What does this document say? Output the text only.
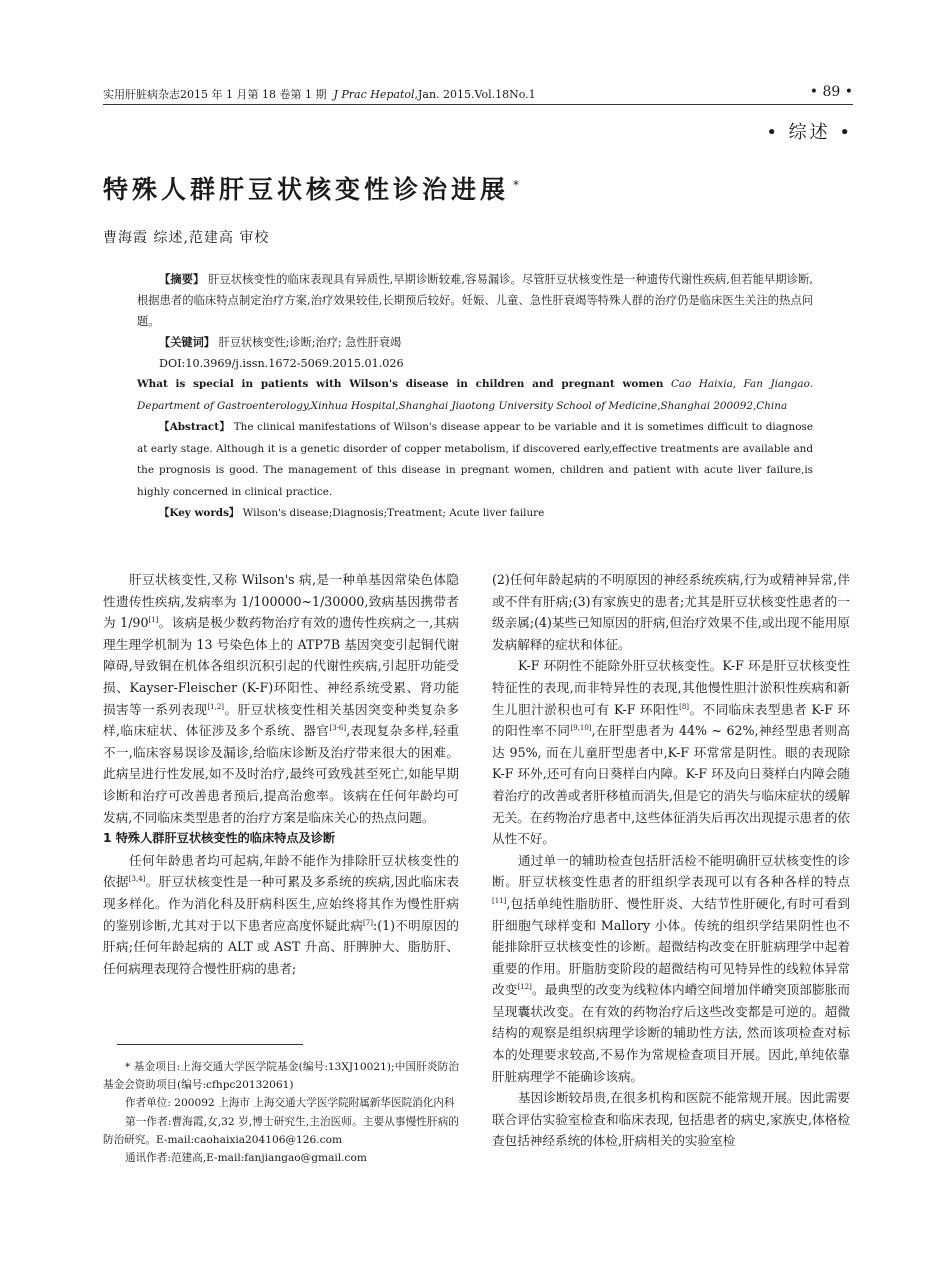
实用肝脏病杂志2015 年 1 月第 18 卷第 1 期 J Prac Hepatol,Jan. 2015.Vol.18No.1	• 89 •
• 综述 •
特殊人群肝豆状核变性诊治进展 *
曹海霞 综述,范建高 审校

【摘要】 肝豆状核变性的临床表现具有异质性,早期诊断较难,容易漏诊。尽管肝豆状核变性是一种遗传代谢性疾病,但若能早期诊断,根据患者的临床特点制定治疗方案,治疗效果较佳,长期预后较好。妊娠、儿童、急性肝衰竭等特殊人群的治疗仍是临床医生关注的热点问题。

【关键词】 肝豆状核变性;诊断;治疗; 急性肝衰竭

DOI:10.3969/j.issn.1672-5069.2015.01.026

What is special in patients with Wilson's disease in children and pregnant women Cao Haixia, Fan Jiangao. Department of Gastroenterology,Xinhua Hospital,Shanghai Jiaotong University School of Medicine,Shanghai 200092,China

【Abstract】 The clinical manifestations of Wilson's disease appear to be variable and it is sometimes difficult to diagnose at early stage. Although it is a genetic disorder of copper metabolism, if discovered early,effective treatments are available and the prognosis is good. The management of this disease in pregnant women, children and patient with acute liver failure,is highly concerned in clinical practice.

【Key words】 Wilson's disease;Diagnosis;Treatment; Acute liver failure

肝豆状核变性,又称 Wilson's 病,是一种单基因常染色体隐性遗传性疾病,发病率为 1/100000~1/30000,致病基因携带者为 1/90[1]。该病是极少数药物治疗有效的遗传性疾病之一,其病理生理学机制为 13 号染色体上的 ATP7B 基因突变引起铜代谢障碍,导致铜在机体各组织沉积引起的代谢性疾病,引起肝功能受损、Kayser-Fleischer (K-F)环阳性、神经系统受累、肾功能损害等一系列表现[1,2]。肝豆状核变性相关基因突变种类复杂多样,临床症状、体征涉及多个系统、器官[3-6],表现复杂多样,轻重不一,临床容易误诊及漏诊,给临床诊断及治疗带来很大的困难。此病呈进行性发展,如不及时治疗,最终可致残甚至死亡,如能早期诊断和治疗可改善患者预后,提高治愈率。该病在任何年龄均可发病,不同临床类型患者的治疗方案是临床关心的热点问题。

1 特殊人群肝豆状核变性的临床特点及诊断

任何年龄患者均可起病,年龄不能作为排除肝豆状核变性的依据[3,4]。肝豆状核变性是一种可累及多系统的疾病,因此临床表现多样化。作为消化科及肝病科医生,应始终将其作为慢性肝病的鉴别诊断,尤其对于以下患者应高度怀疑此病[7]:(1)不明原因的肝病;任何年龄起病的 ALT 或 AST 升高、肝脾肿大、脂肪肝、任何病理表现符合慢性肝病的患者;

* 基金项目:上海交通大学医学院基金(编号:13XJ10021);中国肝炎防治基金会资助项目(编号:cfhpc20132061)

作者单位: 200092 上海市 上海交通大学医学院附属新华医院消化内科

第一作者:曹海霞,女,32 岁,博士研究生,主治医师。主要从事慢性肝病的防治研究。E-mail:caohaixia204106@126.com

通讯作者:范建高,E-mail:fanjiangao@gmail.com

(2)任何年龄起病的不明原因的神经系统疾病,行为或精神异常,伴或不伴有肝病;(3)有家族史的患者;尤其是肝豆状核变性患者的一级亲属;(4)某些已知原因的肝病,但治疗效果不佳,或出现不能用原发病解释的症状和体征。

K-F 环阴性不能除外肝豆状核变性。K-F 环是肝豆状核变性特征性的表现,而非特异性的表现,其他慢性胆汁淤积性疾病和新生儿胆汁淤积也可有 K-F 环阳性[8]。不同临床表型患者 K-F 环的阳性率不同[9,10],在肝型患者为 44% ~ 62%,神经型患者则高达 95%, 而在儿童肝型患者中,K-F 环常常是阴性。眼的表现除 K-F 环外,还可有向日葵样白内障。K-F 环及向日葵样白内障会随着治疗的改善或者肝移植而消失,但是它的消失与临床症状的缓解无关。在药物治疗患者中,这些体征消失后再次出现提示患者的依从性不好。

通过单一的辅助检查包括肝活检不能明确肝豆状核变性的诊断。肝豆状核变性患者的肝组织学表现可以有各种各样的特点[11],包括单纯性脂肪肝、慢性肝炎、大结节性肝硬化,有时可看到肝细胞气球样变和 Mallory 小体。传统的组织学结果阴性也不能排除肝豆状核变性的诊断。超微结构改变在肝脏病理学中起着重要的作用。肝脂肪变阶段的超微结构可见特异性的线粒体异常改变[12]。最典型的改变为线粒体内嵴空间增加伴嵴突顶部膨胀而呈现囊状改变。在有效的药物治疗后这些改变都是可逆的。超微结构的观察是组织病理学诊断的辅助性方法, 然而该项检查对标本的处理要求较高,不易作为常规检查项目开展。因此,单纯依靠肝脏病理学不能确诊该病。

基因诊断较昂贵,在很多机构和医院不能常规开展。因此需要联合评估实验室检查和临床表现, 包括患者的病史,家族史,体格检查包括神经系统的体检,肝病相关的实验室检
